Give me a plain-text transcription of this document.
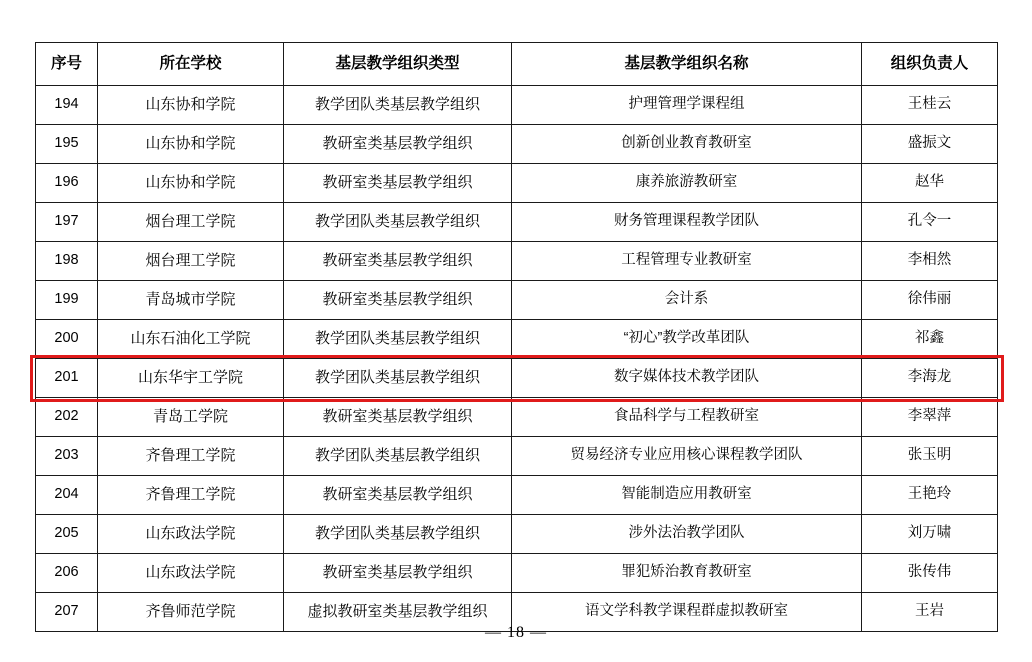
序号	所在学校	基层教学组织类型	基层教学组织名称	组织负责人
194	山东协和学院	教学团队类基层教学组织	护理管理学课程组	王桂云
195	山东协和学院	教研室类基层教学组织	创新创业教育教研室	盛振文
196	山东协和学院	教研室类基层教学组织	康养旅游教研室	赵华
197	烟台理工学院	教学团队类基层教学组织	财务管理课程教学团队	孔令一
198	烟台理工学院	教研室类基层教学组织	工程管理专业教研室	李相然
199	青岛城市学院	教研室类基层教学组织	会计系	徐伟丽
200	山东石油化工学院	教学团队类基层教学组织	“初心”教学改革团队	祁鑫
201	山东华宇工学院	教学团队类基层教学组织	数字媒体技术教学团队	李海龙
202	青岛工学院	教研室类基层教学组织	食品科学与工程教研室	李翠萍
203	齐鲁理工学院	教学团队类基层教学组织	贸易经济专业应用核心课程教学团队	张玉明
204	齐鲁理工学院	教研室类基层教学组织	智能制造应用教研室	王艳玲
205	山东政法学院	教学团队类基层教学组织	涉外法治教学团队	刘万啸
206	山东政法学院	教研室类基层教学组织	罪犯矫治教育教研室	张传伟
207	齐鲁师范学院	虚拟教研室类基层教学组织	语文学科教学课程群虚拟教研室	王岩
— 18 —
